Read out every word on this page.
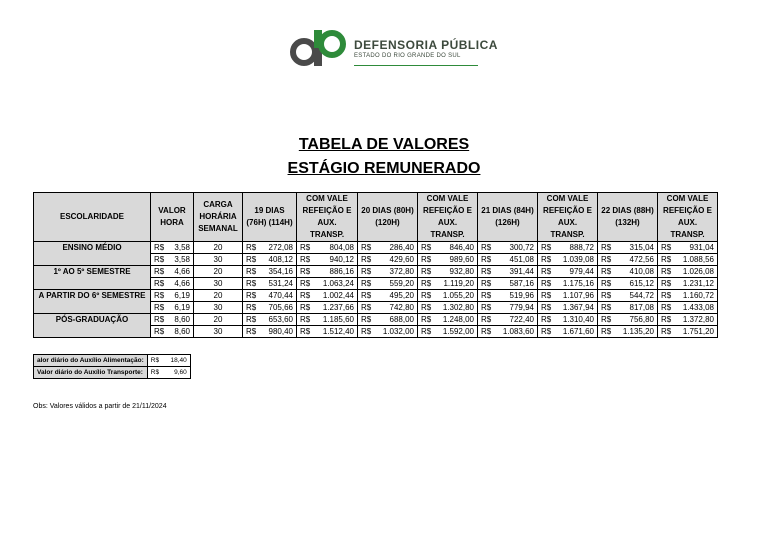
DEFENSORIA PÚBLICA
ESTADO DO RIO GRANDE DO SUL
TABELA DE VALORES
ESTÁGIO REMUNERADO
ESCOLARIDADE	VALOR HORA	CARGA HORÁRIA SEMANAL	19 DIAS (76H) (114H)	COM VALE REFEIÇÃO E AUX. TRANSP.	20 DIAS (80H) (120H)	COM VALE REFEIÇÃO E AUX. TRANSP.	21 DIAS (84H) (126H)	COM VALE REFEIÇÃO E AUX. TRANSP.	22 DIAS (88H) (132H)	COM VALE REFEIÇÃO E AUX. TRANSP.
ENSINO MÉDIO	R$ 3,58	20	R$ 272,08	R$ 804,08	R$ 286,40	R$ 846,40	R$ 300,72	R$ 888,72	R$ 315,04	R$ 931,04

	R$ 3,58	30	R$ 408,12	R$ 940,12	R$ 429,60	R$ 989,60	R$ 451,08	R$ 1.039,08	R$ 472,56	R$ 1.088,56

1º AO 5º SEMESTRE	R$ 4,66	20	R$ 354,16	R$ 886,16	R$ 372,80	R$ 932,80	R$ 391,44	R$ 979,44	R$ 410,08	R$ 1.026,08

	R$ 4,66	30	R$ 531,24	R$ 1.063,24	R$ 559,20	R$ 1.119,20	R$ 587,16	R$ 1.175,16	R$ 615,12	R$ 1.231,12

A PARTIR DO 6º SEMESTRE	R$ 6,19	20	R$ 470,44	R$ 1.002,44	R$ 495,20	R$ 1.055,20	R$ 519,96	R$ 1.107,96	R$ 544,72	R$ 1.160,72

	R$ 6,19	30	R$ 705,66	R$ 1.237,66	R$ 742,80	R$ 1.302,80	R$ 779,94	R$ 1.367,94	R$ 817,08	R$ 1.433,08

PÓS-GRADUAÇÃO	R$ 8,60	20	R$ 653,60	R$ 1.185,60	R$ 688,00	R$ 1.248,00	R$ 722,40	R$ 1.310,40	R$ 756,80	R$ 1.372,80

	R$ 8,60	30	R$ 980,40	R$ 1.512,40	R$ 1.032,00	R$ 1.592,00	R$ 1.083,60	R$ 1.671,60	R$ 1.135,20	R$ 1.751,20
alor diário do Auxílio Alimentação:	R$ 18,40

Valor diário do Auxílio Transporte:	R$ 9,60
Obs: Valores válidos a partir de 21/11/2024
